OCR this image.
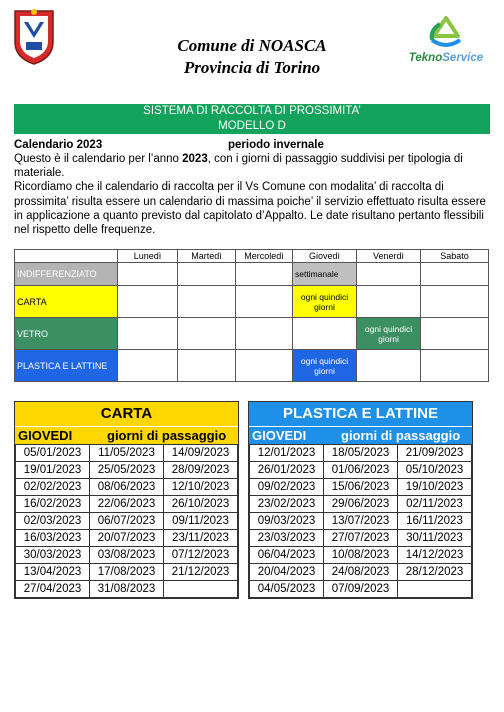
Comune di NOASCA
Provincia di Torino	TeknoService
SISTEMA DI RACCOLTA DI PROSSIMITA’
MODELLO D
Calendario 2023	periodo invernale

Questo è il calendario per l’anno 2023, con i giorni di passaggio suddivisi per tipologia di materiale.

Ricordiamo che il calendario di raccolta per il Vs Comune con modalita’ di raccolta di prossimita’ risulta essere un calendario di massima poiche’ il servizio effettuato risulta essere in applicazione a quanto previsto dal capitolato d’Appalto. Le date risultano pertanto flessibili nel rispetto delle frequenze.

	Lunedì	Martedì	Mercoledì	Giovedì	Venerdì	Sabato
INDIFFERENZIATO				settimanale		
CARTA				ogni quindici giorni		
VETRO					ogni quindici giorni	
PLASTICA E LATTINE				ogni quindici giorni		
CARTA
GIOVEDI	giorni di passaggio
05/01/2023	11/05/2023	14/09/2023
19/01/2023	25/05/2023	28/09/2023
02/02/2023	08/06/2023	12/10/2023
16/02/2023	22/06/2023	26/10/2023
02/03/2023	06/07/2023	09/11/2023
16/03/2023	20/07/2023	23/11/2023
30/03/2023	03/08/2023	07/12/2023
13/04/2023	17/08/2023	21/12/2023
27/04/2023	31/08/2023	
PLASTICA E LATTINE
GIOVEDI	giorni di passaggio
12/01/2023	18/05/2023	21/09/2023
26/01/2023	01/06/2023	05/10/2023
09/02/2023	15/06/2023	19/10/2023
23/02/2023	29/06/2023	02/11/2023
09/03/2023	13/07/2023	16/11/2023
23/03/2023	27/07/2023	30/11/2023
06/04/2023	10/08/2023	14/12/2023
20/04/2023	24/08/2023	28/12/2023
04/05/2023	07/09/2023	
